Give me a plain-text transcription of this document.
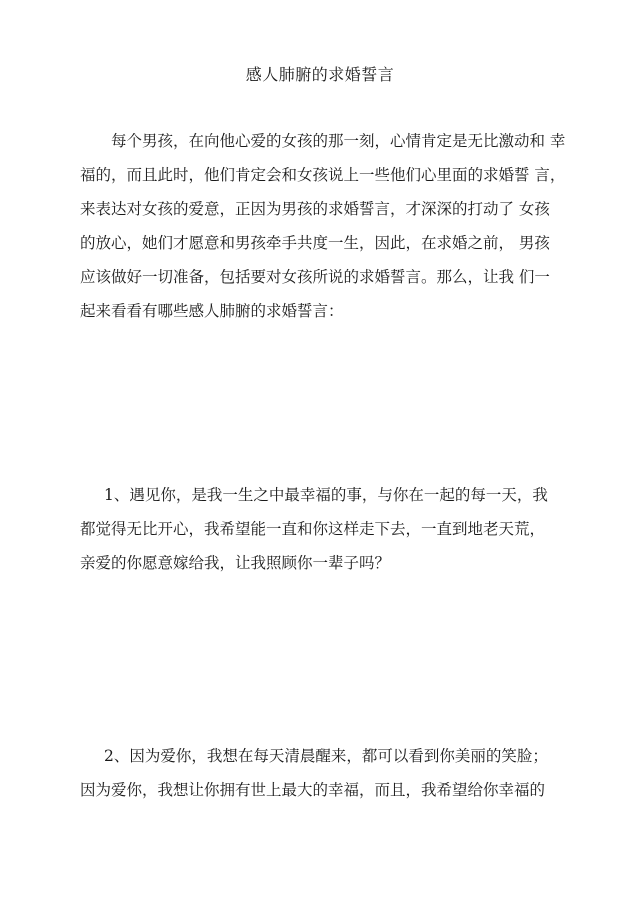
感人肺腑的求婚誓言
每个男孩，在向他心爱的女孩的那一刻，心情肯定是无比激动和 幸
福的，而且此时，他们肯定会和女孩说上一些他们心里面的求婚誓 言，
来表达对女孩的爱意，正因为男孩的求婚誓言，才深深的打动了 女孩
的放心，她们才愿意和男孩牵手共度一生，因此，在求婚之前， 男孩
应该做好一切准备，包括要对女孩所说的求婚誓言。那么，让我 们一
起来看看有哪些感人肺腑的求婚誓言：
1、遇见你，是我一生之中最幸福的事，与你在一起的每一天，我
都觉得无比开心，我希望能一直和你这样走下去，一直到地老天荒，
亲爱的你愿意嫁给我，让我照顾你一辈子吗？
2、因为爱你，我想在每天清晨醒来，都可以看到你美丽的笑脸；
因为爱你，我想让你拥有世上最大的幸福，而且，我希望给你幸福的
